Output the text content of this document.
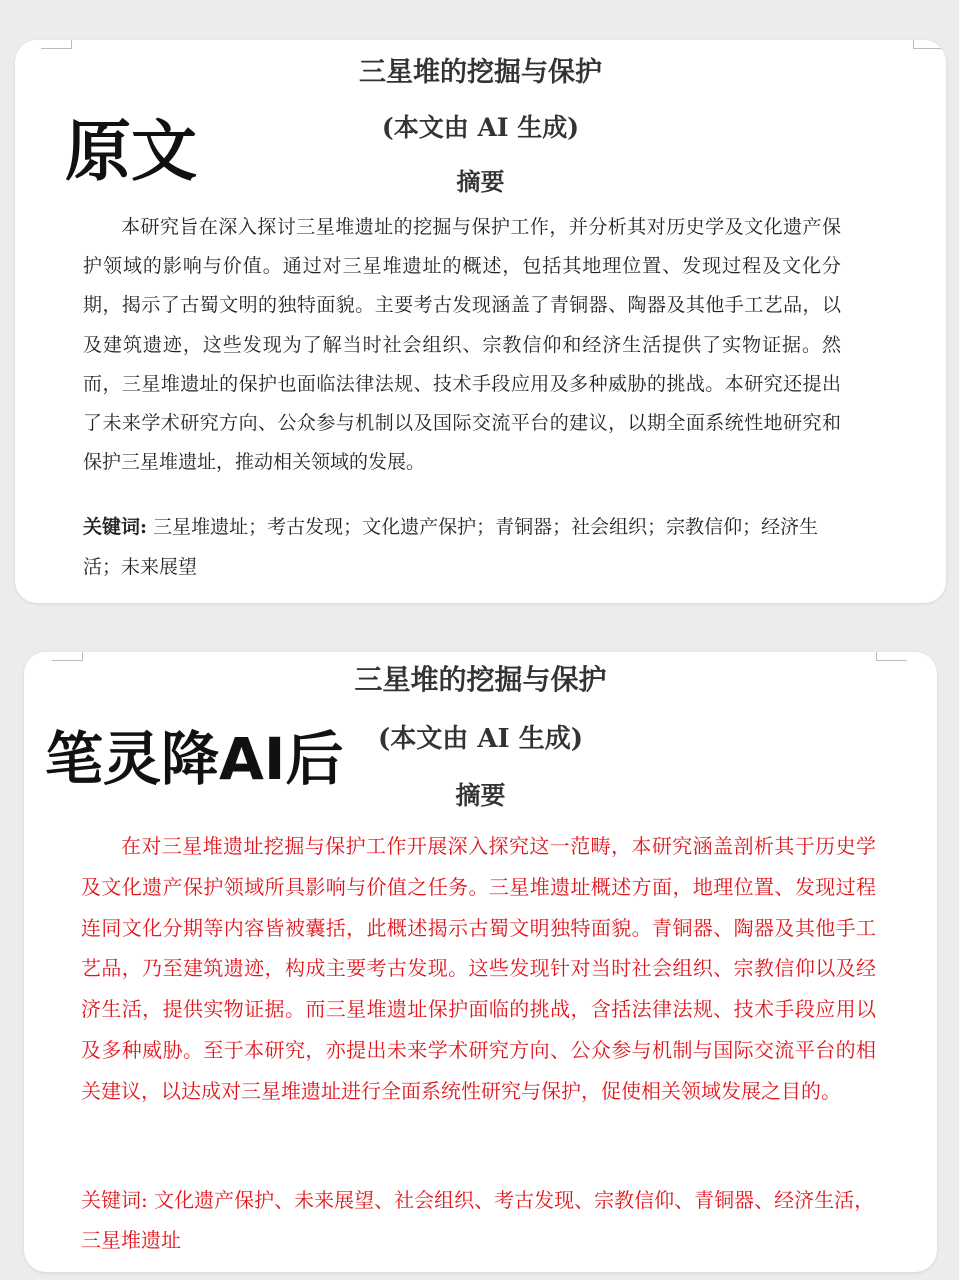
三星堆的挖掘与保护
原文	(本文由 AI 生成)
摘要

本研究旨在深入探讨三星堆遗址的挖掘与保护工作，并分析其对历史学及文化遗产保护领域的影响与价值。通过对三星堆遗址的概述，包括其地理位置、发现过程及文化分期，揭示了古蜀文明的独特面貌。主要考古发现涵盖了青铜器、陶器及其他手工艺品，以及建筑遗迹，这些发现为了解当时社会组织、宗教信仰和经济生活提供了实物证据。然而，三星堆遗址的保护也面临法律法规、技术手段应用及多种威胁的挑战。本研究还提出了未来学术研究方向、公众参与机制以及国际交流平台的建议，以期全面系统性地研究和保护三星堆遗址，推动相关领域的发展。

关键词: 三星堆遗址；考古发现；文化遗产保护；青铜器；社会组织；宗教信仰；经济生活；未来展望

三星堆的挖掘与保护
笔灵降AI后	(本文由 AI 生成)
摘要

在对三星堆遗址挖掘与保护工作开展深入探究这一范畴，本研究涵盖剖析其于历史学及文化遗产保护领域所具影响与价值之任务。三星堆遗址概述方面，地理位置、发现过程连同文化分期等内容皆被囊括，此概述揭示古蜀文明独特面貌。青铜器、陶器及其他手工艺品，乃至建筑遗迹，构成主要考古发现。这些发现针对当时社会组织、宗教信仰以及经济生活，提供实物证据。而三星堆遗址保护面临的挑战，含括法律法规、技术手段应用以及多种威胁。至于本研究，亦提出未来学术研究方向、公众参与机制与国际交流平台的相关建议，以达成对三星堆遗址进行全面系统性研究与保护，促使相关领域发展之目的。

关键词: 文化遗产保护、未来展望、社会组织、考古发现、宗教信仰、青铜器、经济生活，三星堆遗址
